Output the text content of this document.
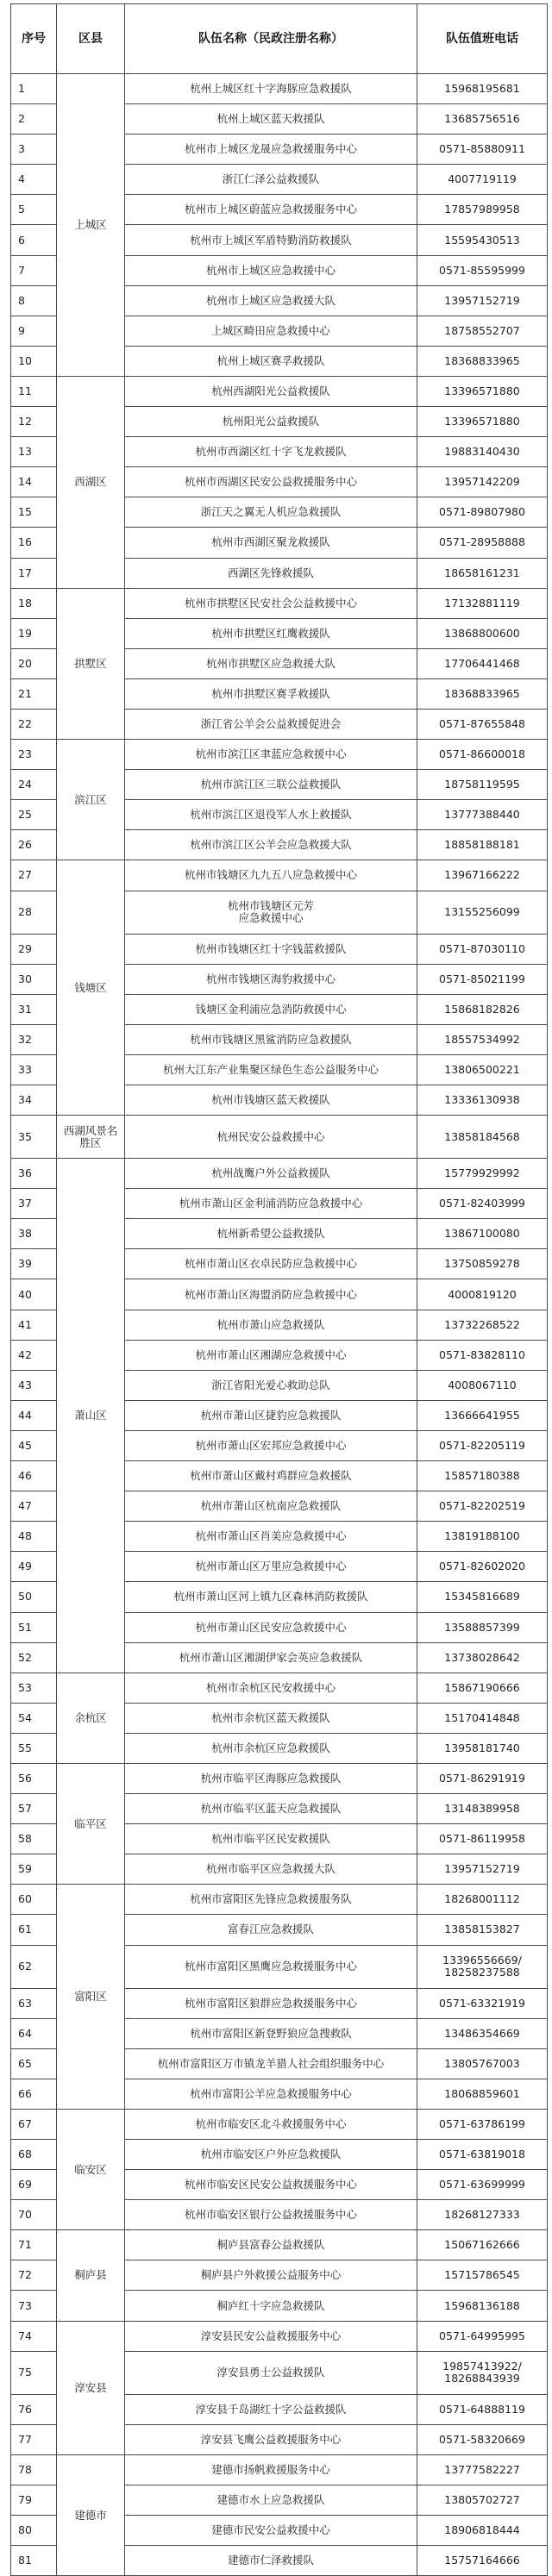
序号	区县	队伍名称（民政注册名称）	队伍值班电话
1	上城区	杭州上城区红十字海豚应急救援队	15968195681
2		杭州上城区蓝天救援队	13685756516
3		杭州市上城区龙晟应急救援服务中心	0571-85880911
4		浙江仁泽公益救援队	4007719119
5		杭州市上城区蔚蓝应急救援服务中心	17857989958
6		杭州市上城区军盾特勤消防救援队	15595430513
7		杭州市上城区应急救援中心	0571-85595999
8		杭州市上城区应急救援大队	13957152719
9		上城区畸田应急救援中心	18758552707
10		杭州上城区赛孚救援队	18368833965
11	西湖区	杭州西湖阳光公益救援队	13396571880
12		杭州阳光公益救援队	13396571880
13		杭州市西湖区红十字飞龙救援队	19883140430
14		杭州市西湖区民安公益救援服务中心	13957142209
15		浙江天之翼无人机应急救援队	0571-89807980
16		杭州市西湖区聚龙救援队	0571-28958888
17		西湖区先锋救援队	18658161231
18	拱墅区	杭州市拱墅区民安社会公益救援中心	17132881119
19		杭州市拱墅区红鹰救援队	13868800600
20		杭州市拱墅区应急救援大队	17706441468
21		杭州市拱墅区赛孚救援队	18368833965
22		浙江省公羊会公益救援促进会	0571-87655848
23	滨江区	杭州市滨江区聿蓝应急救援中心	0571-86600018
24		杭州市滨江区三联公益救援队	18758119595
25		杭州市滨江区退役军人水上救援队	13777388440
26		杭州市滨江区公羊会应急救援大队	18858188181
27	钱塘区	杭州市钱塘区九九五八应急救援中心	13967166222
28		杭州市钱塘区元芳
应急救援中心	13155256099
29		杭州市钱塘区红十字钱蓝救援队	0571-87030110
30		杭州市钱塘区海豹救援中心	0571-85021199
31		钱塘区金利浦应急消防救援中心	15868182826
32		杭州市钱塘区黑鲨消防应急救援队	18557534992
33		杭州大江东产业集聚区绿色生态公益服务中心	13806500221
34		杭州市钱塘区蓝天救援队	13336130938
35	西湖风景名胜区	杭州民安公益救援中心	13858184568
36	萧山区	杭州战鹰户外公益救援队	15779929992
37		杭州市萧山区金利浦消防应急救援中心	0571-82403999
38		杭州新希望公益救援队	13867100080
39		杭州市萧山区衣卓民防应急救援中心	13750859278
40		杭州市萧山区海盟消防应急救援中心	4000819120
41		杭州市萧山应急救援队	13732268522
42		杭州市萧山区湘湖应急救援中心	0571-83828110
43		浙江省阳光爱心救助总队	4008067110
44		杭州市萧山区捷豹应急救援队	13666641955
45		杭州市萧山区宏邦应急救援中心	0571-82205119
46		杭州市萧山区戴村鸡群应急救援队	15857180388
47		杭州市萧山区杭南应急救援队	0571-82202519
48		杭州市萧山区肖美应急救援中心	13819188100
49		杭州市萧山区万里应急救援中心	0571-82602020
50		杭州市萧山区河上镇九区森林消防救援队	15345816689
51		杭州市萧山区民安应急救援中心	13588857399
52		杭州市萧山区湘湖伊家会英应急救援队	13738028642
53	余杭区	杭州市余杭区民安救援中心	15867190666
54		杭州市余杭区蓝天救援队	15170414848
55		杭州市余杭区应急救援队	13958181740
56	临平区	杭州市临平区海豚应急救援队	0571-86291919
57		杭州市临平区蓝天应急救援队	13148389958
58		杭州市临平区民安救援队	0571-86119958
59		杭州市临平区应急救援大队	13957152719
60	富阳区	杭州市富阳区先锋应急救援服务队	18268001112
61		富春江应急救援队	13858153827
62		杭州市富阳区黑鹰应急救援服务中心	13396556669/
18258237588
63		杭州市富阳区狼群应急救援服务中心	0571-63321919
64		杭州市富阳区新登野狼应急搜救队	13486354669
65		杭州市富阳区万市镇龙羊猎人社会组织服务中心	13805767003
66		杭州市富阳公羊应急救援服务中心	18068859601
67	临安区	杭州市临安区北斗救援服务中心	0571-63786199
68		杭州市临安区户外应急救援队	0571-63819018
69		杭州市临安区民安公益救援服务中心	0571-63699999
70		杭州市临安区银行公益救援服务中心	18268127333
71	桐庐县	桐庐县富春公益救援队	15067162666
72		桐庐县户外救援公益服务中心	15715786545
73		桐庐红十字应急救援队	15968136188
74	淳安县	淳安县民安公益救援服务中心	0571-64995995
75		淳安县勇士公益救援队	19857413922/
18268843939
76		淳安县千岛湖红十字公益救援队	0571-64888119
77		淳安县飞鹰公益救援服务中心	0571-58320669
78	建德市	建德市扬帆救援服务中心	13777582227
79		建德市水上应急救援队	13805702727
80		建德市民安公益救援中心	18906818444
81		建德市仁泽救援队	15757164666
